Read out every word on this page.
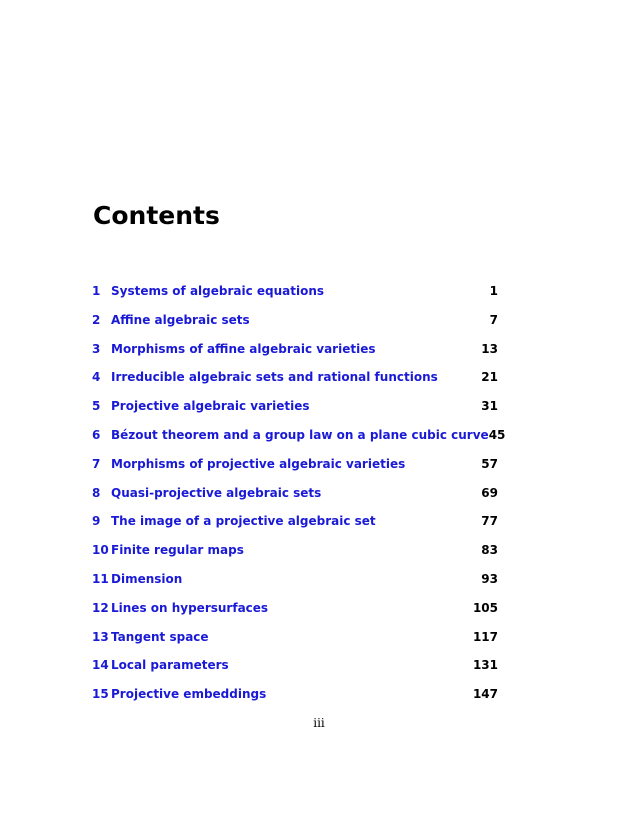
Contents
1 Systems of algebraic equations	1
2 Affine algebraic sets	7
3 Morphisms of affine algebraic varieties	13
4 Irreducible algebraic sets and rational functions	21
5 Projective algebraic varieties	31
6 Bézout theorem and a group law on a plane cubic curve 45
7 Morphisms of projective algebraic varieties	57
8 Quasi-projective algebraic sets	69
9 The image of a projective algebraic set	77
10 Finite regular maps	83
11 Dimension	93
12 Lines on hypersurfaces	105
13 Tangent space	117
14 Local parameters	131
15 Projective embeddings	147
iii
